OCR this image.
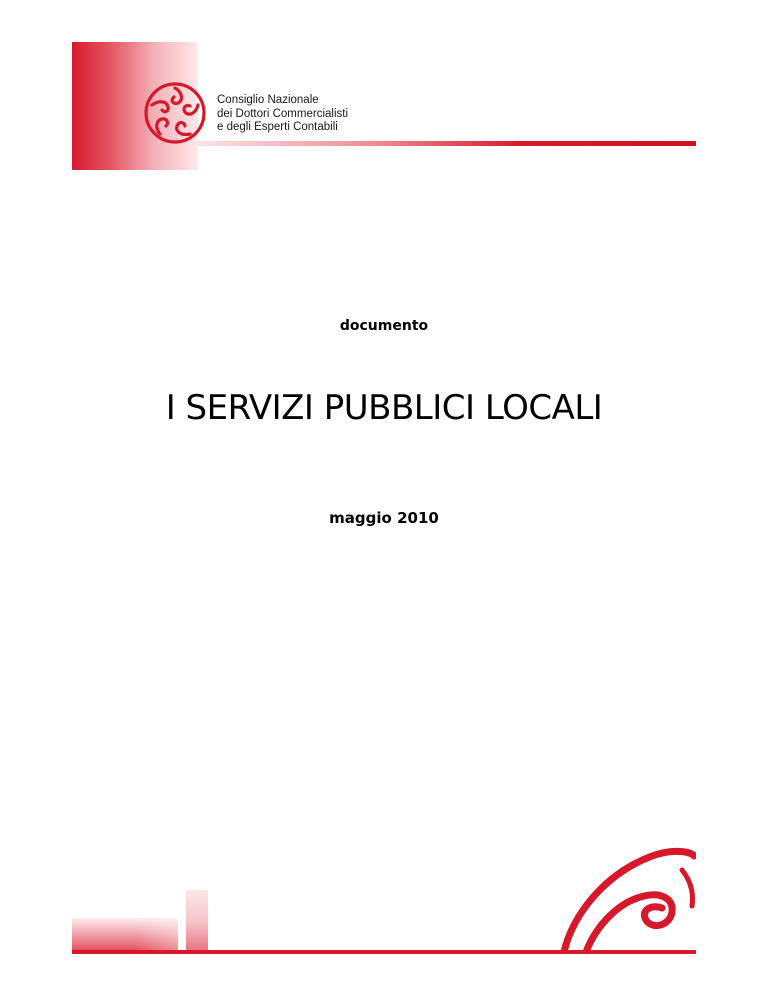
Consiglio Nazionale
dei Dottori Commercialisti
e degli Esperti Contabili
documento
I SERVIZI PUBBLICI LOCALI
maggio 2010
